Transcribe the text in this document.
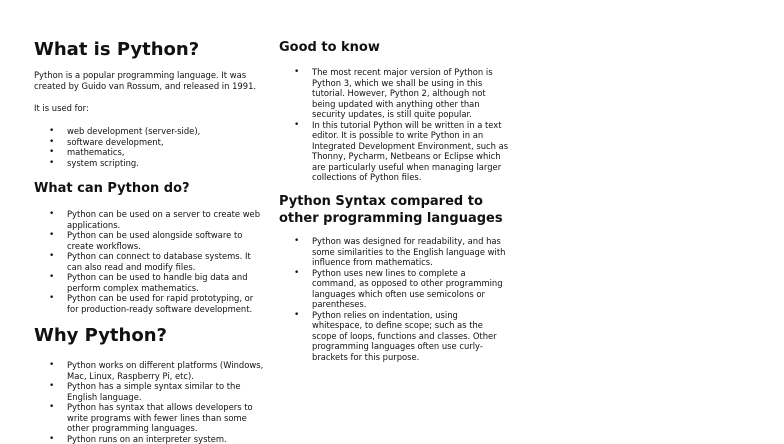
What is Python?

Python is a popular programming language. It was created by Guido van Rossum, and released in 1991.

It is used for:

• web development (server-side),
• software development,
• mathematics,
• system scripting.
What can Python do?
• Python can be used on a server to create web applications.
• Python can be used alongside software to create workflows.
• Python can connect to database systems. It can also read and modify files.
• Python can be used to handle big data and perform complex mathematics.
• Python can be used for rapid prototyping, or for production-ready software development.
Why Python?
• Python works on different platforms (Windows, Mac, Linux, Raspberry Pi, etc).
• Python has a simple syntax similar to the English language.
• Python has syntax that allows developers to write programs with fewer lines than some other programming languages.
• Python runs on an interpreter system.
Good to know
• The most recent major version of Python is Python 3, which we shall be using in this tutorial. However, Python 2, although not being updated with anything other than security updates, is still quite popular.
• In this tutorial Python will be written in a text editor. It is possible to write Python in an Integrated Development Environment, such as Thonny, Pycharm, Netbeans or Eclipse which are particularly useful when managing larger collections of Python files.
Python Syntax compared to other programming languages
• Python was designed for readability, and has some similarities to the English language with influence from mathematics.
• Python uses new lines to complete a command, as opposed to other programming languages which often use semicolons or parentheses.
• Python relies on indentation, using whitespace, to define scope; such as the scope of loops, functions and classes. Other programming languages often use curly-brackets for this purpose.
